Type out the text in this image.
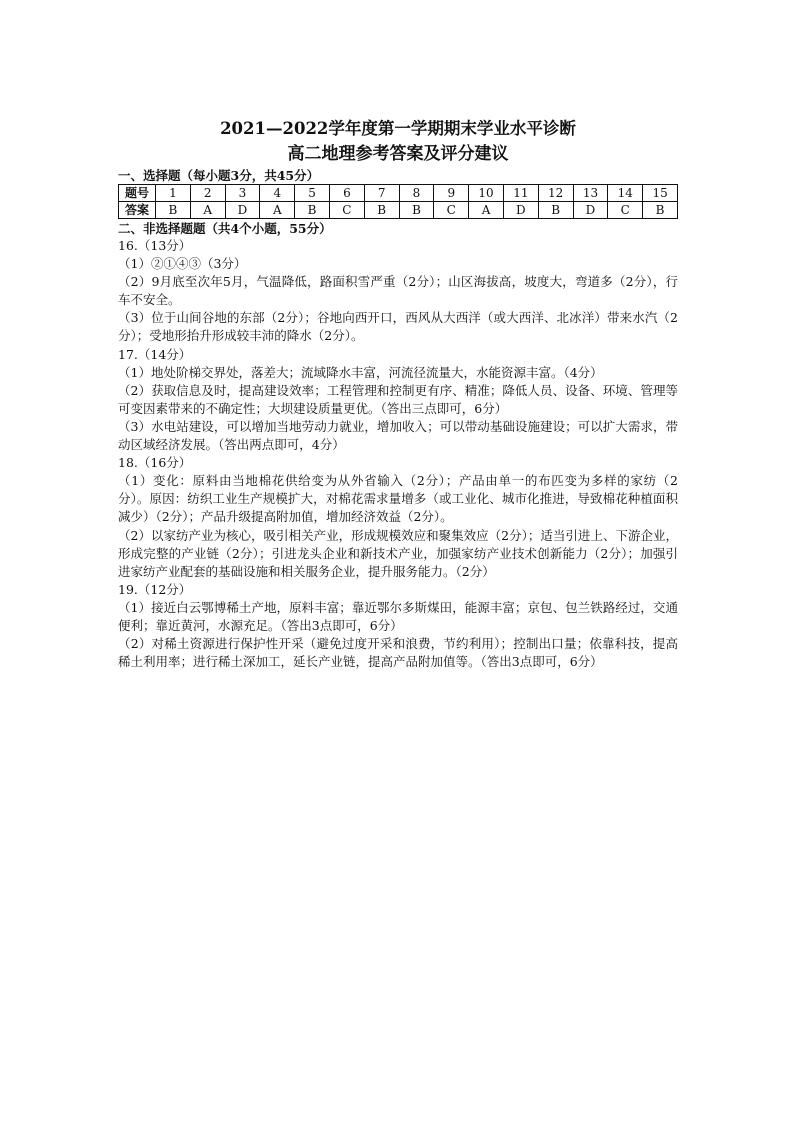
2021—2022学年度第一学期期末学业水平诊断
高二地理参考答案及评分建议
一、选择题（每小题3分，共45分）
题号	1	2	3	4	5	6	7	8	9	10	11	12	13	14	15
答案	B	A	D	A	B	C	B	B	C	A	D	B	D	C	B
二、非选择题题（共4个小题，55分）
16.（13分）
（1）②①④③（3分）
（2）9月底至次年5月，气温降低，路面积雪严重（2分）；山区海拔高，坡度大，弯道多（2分），行车不安全。
（3）位于山间谷地的东部（2分）；谷地向西开口，西风从大西洋（或大西洋、北冰洋）带来水汽（2分）；受地形抬升形成较丰沛的降水（2分）。
17.（14分）
（1）地处阶梯交界处，落差大；流域降水丰富，河流径流量大，水能资源丰富。（4分）
（2）获取信息及时，提高建设效率；工程管理和控制更有序、精准；降低人员、设备、环境、管理等可变因素带来的不确定性；大坝建设质量更优。（答出三点即可，6分）
（3）水电站建设，可以增加当地劳动力就业，增加收入；可以带动基础设施建设；可以扩大需求，带动区域经济发展。（答出两点即可，4分）
18.（16分）
（1）变化：原料由当地棉花供给变为从外省输入（2分）；产品由单一的布匹变为多样的家纺（2分）。原因：纺织工业生产规模扩大，对棉花需求量增多（或工业化、城市化推进，导致棉花种植面积减少）（2分）；产品升级提高附加值，增加经济效益（2分）。
（2）以家纺产业为核心，吸引相关产业，形成规模效应和聚集效应（2分）；适当引进上、下游企业，形成完整的产业链（2分）；引进龙头企业和新技术产业，加强家纺产业技术创新能力（2分）；加强引进家纺产业配套的基础设施和相关服务企业，提升服务能力。（2分）
19.（12分）
（1）接近白云鄂博稀土产地，原料丰富；靠近鄂尔多斯煤田，能源丰富；京包、包兰铁路经过，交通便利；靠近黄河，水源充足。（答出3点即可，6分）
（2）对稀土资源进行保护性开采（避免过度开采和浪费，节约利用）；控制出口量；依靠科技，提高稀土利用率；进行稀土深加工，延长产业链，提高产品附加值等。（答出3点即可，6分）
